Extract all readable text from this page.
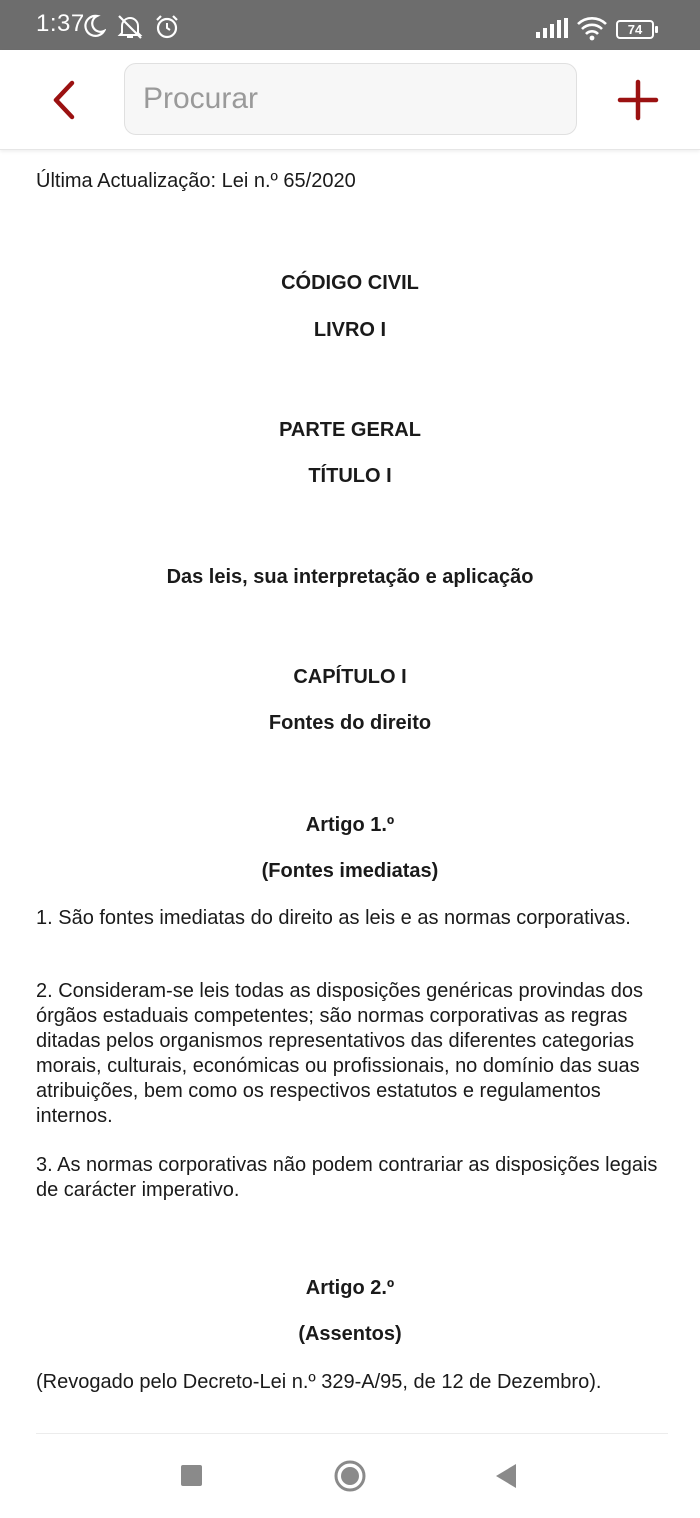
1:37	74
Procurar
Última Actualização: Lei n.º 65/2020
CÓDIGO CIVIL
LIVRO I
PARTE GERAL
TÍTULO I
Das leis, sua interpretação e aplicação
CAPÍTULO I
Fontes do direito
Artigo 1.º
(Fontes imediatas)
1. São fontes imediatas do direito as leis e as normas corporativas.
2. Consideram-se leis todas as disposições genéricas provindas dos órgãos estaduais competentes; são normas corporativas as regras ditadas pelos organismos representativos das diferentes categorias morais, culturais, económicas ou profissionais, no domínio das suas atribuições, bem como os respectivos estatutos e regulamentos internos.
3. As normas corporativas não podem contrariar as disposições legais de carácter imperativo.
Artigo 2.º
(Assentos)
(Revogado pelo Decreto-Lei n.º 329-A/95, de 12 de Dezembro).
